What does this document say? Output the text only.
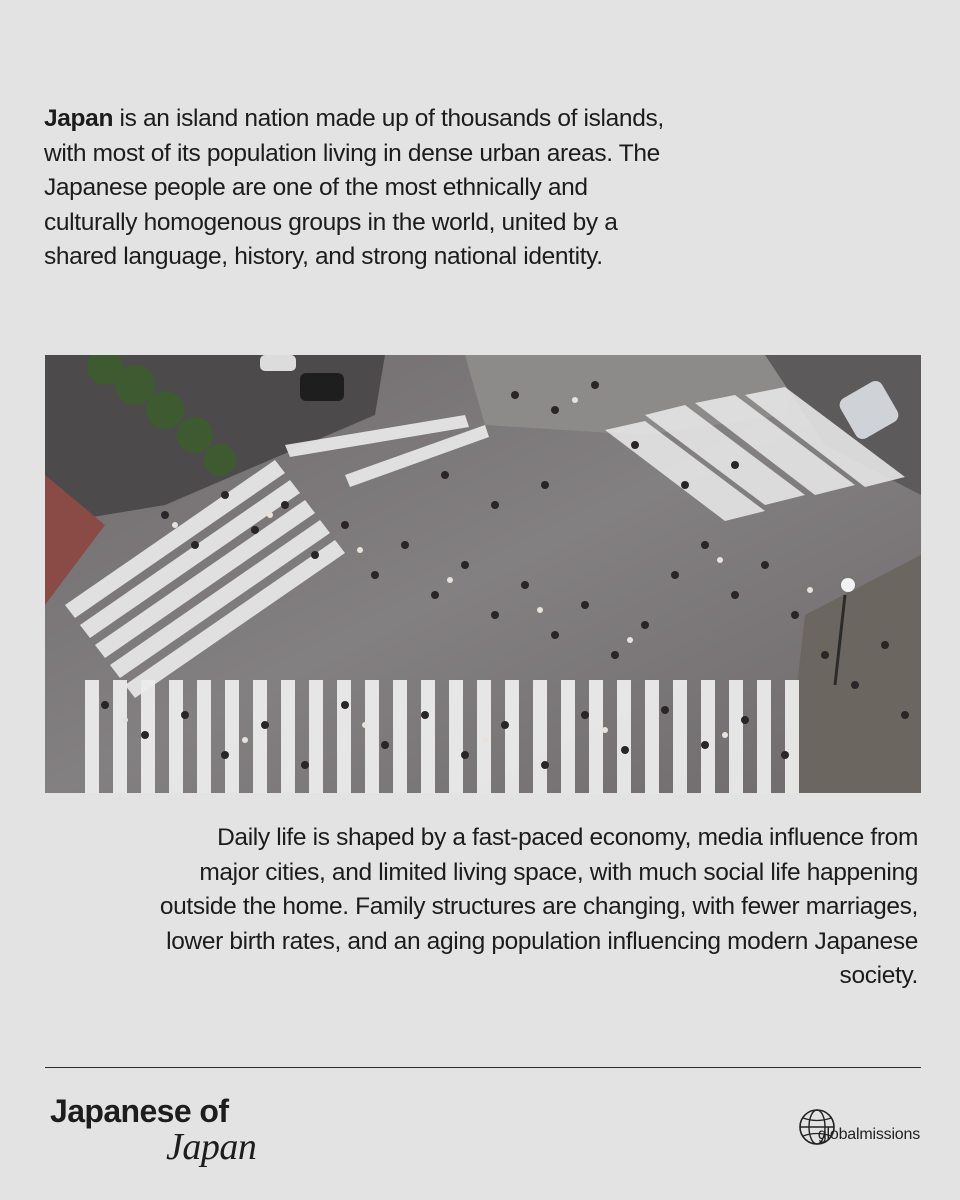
Japan is an island nation made up of thousands of islands, with most of its population living in dense urban areas. The Japanese people are one of the most ethnically and culturally homogenous groups in the world, united by a shared language, history, and strong national identity.

Daily life is shaped by a fast-paced economy, media influence from major cities, and limited living space, with much social life happening outside the home. Family structures are changing, with fewer marriages, lower birth rates, and an aging population influencing modern Japanese society.

Japanese of
Japan	globalmissions
